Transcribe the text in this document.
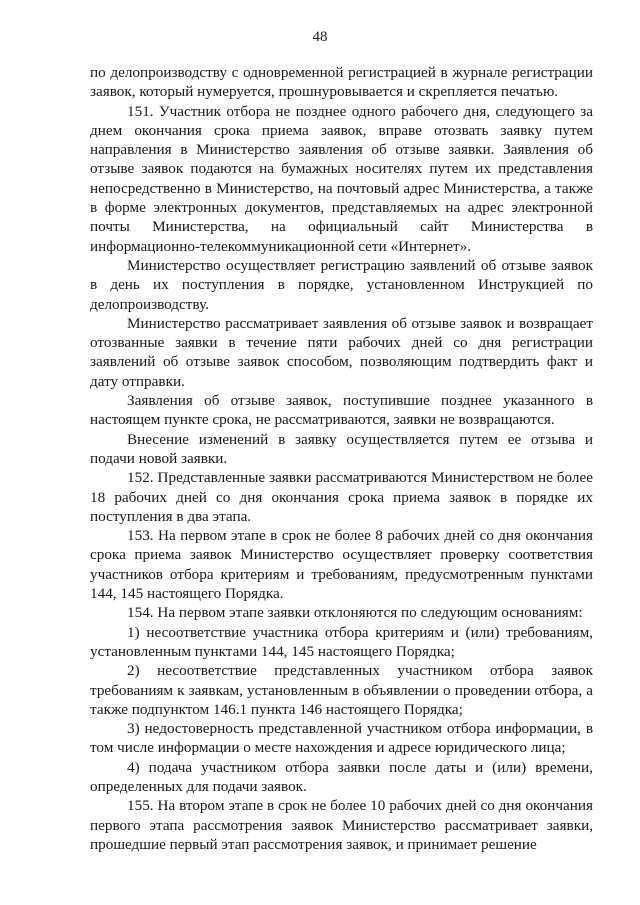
48

по делопроизводству с одновременной регистрацией в журнале регистрации заявок, который нумеруется, прошнуровывается и скрепляется печатью.

151. Участник отбора не позднее одного рабочего дня, следующего за днем окончания срока приема заявок, вправе отозвать заявку путем направления в Министерство заявления об отзыве заявки. Заявления об отзыве заявок подаются на бумажных носителях путем их представления непосредственно в Министерство, на почтовый адрес Министерства, а также в форме электронных документов, представляемых на адрес электронной почты Министерства, на официальный сайт Министерства в информационно-телекоммуникационной сети «Интернет».

Министерство осуществляет регистрацию заявлений об отзыве заявок в день их поступления в порядке, установленном Инструкцией по делопроизводству.

Министерство рассматривает заявления об отзыве заявок и возвращает отозванные заявки в течение пяти рабочих дней со дня регистрации заявлений об отзыве заявок способом, позволяющим подтвердить факт и дату отправки.

Заявления об отзыве заявок, поступившие позднее указанного в настоящем пункте срока, не рассматриваются, заявки не возвращаются.

Внесение изменений в заявку осуществляется путем ее отзыва и подачи новой заявки.

152. Представленные заявки рассматриваются Министерством не более 18 рабочих дней со дня окончания срока приема заявок в порядке их поступления в два этапа.

153. На первом этапе в срок не более 8 рабочих дней со дня окончания срока приема заявок Министерство осуществляет проверку соответствия участников отбора критериям и требованиям, предусмотренным пунктами 144, 145 настоящего Порядка.

154. На первом этапе заявки отклоняются по следующим основаниям:

1) несоответствие участника отбора критериям и (или) требованиям, установленным пунктами 144, 145 настоящего Порядка;

2) несоответствие представленных участником отбора заявок требованиям к заявкам, установленным в объявлении о проведении отбора, а также подпунктом 146.1 пункта 146 настоящего Порядка;

3) недостоверность представленной участником отбора информации, в том числе информации о месте нахождения и адресе юридического лица;

4) подача участником отбора заявки после даты и (или) времени, определенных для подачи заявок.

155. На втором этапе в срок не более 10 рабочих дней со дня окончания первого этапа рассмотрения заявок Министерство рассматривает заявки, прошедшие первый этап рассмотрения заявок, и принимает решение
